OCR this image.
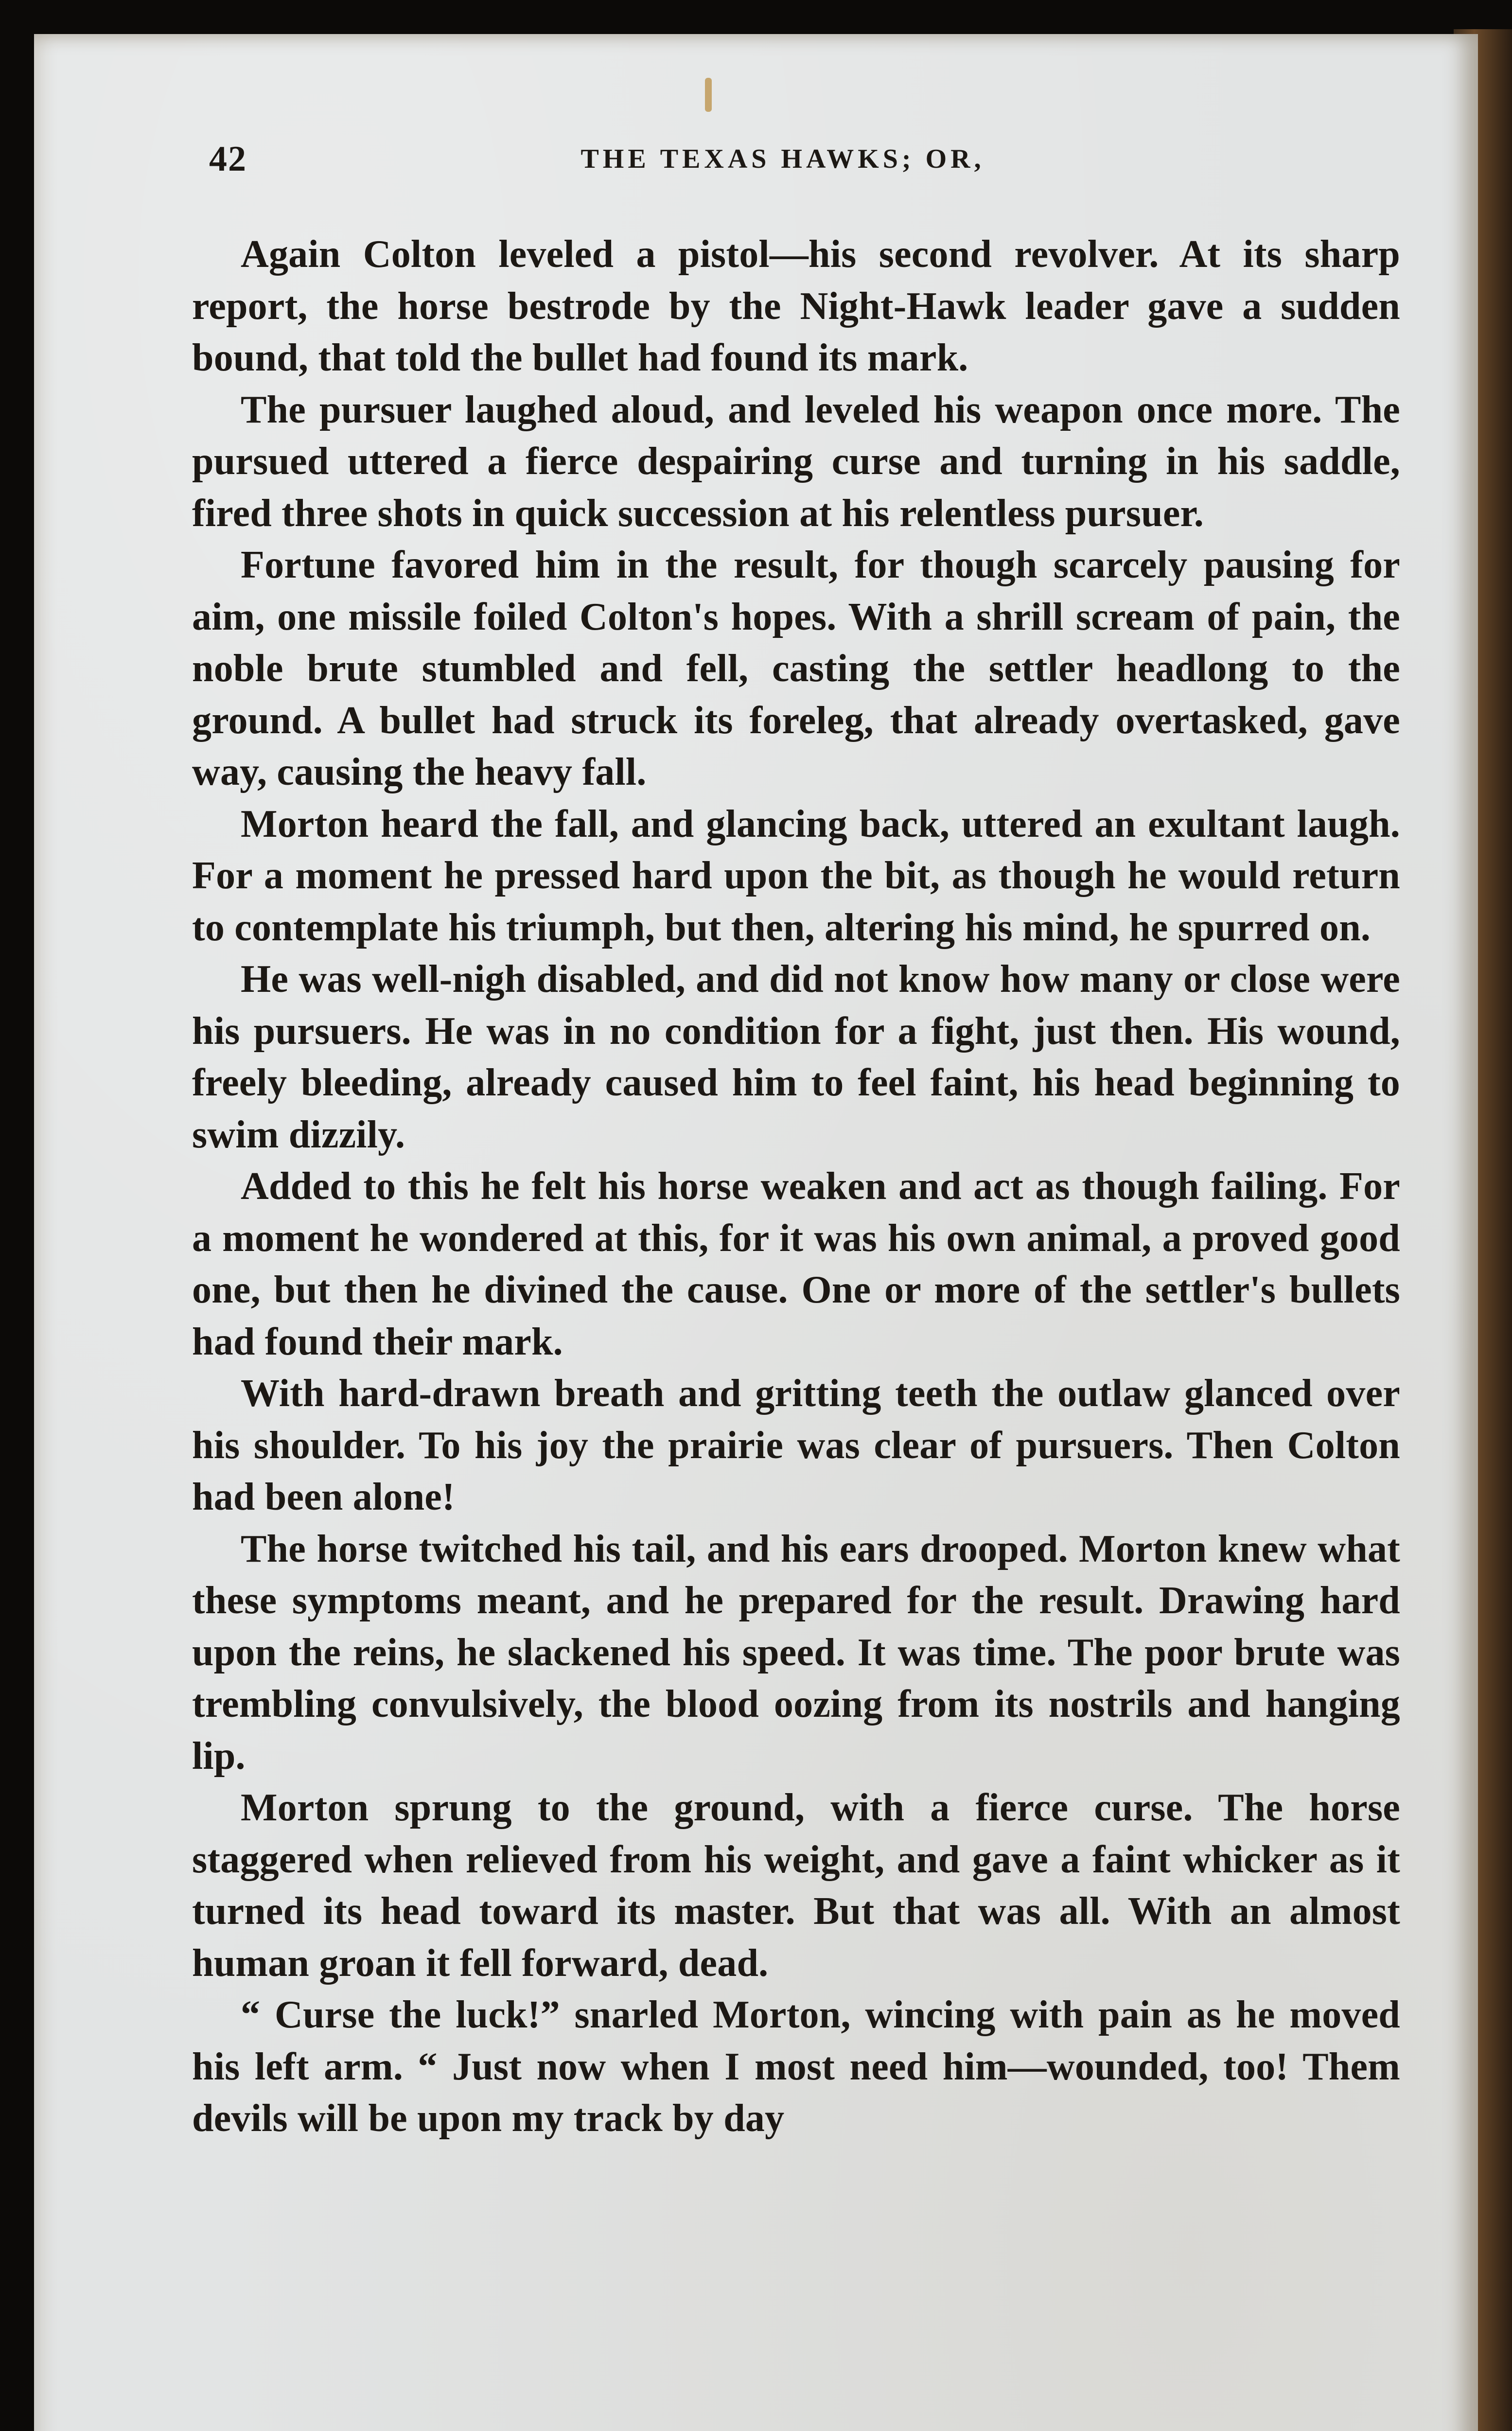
42	THE TEXAS HAWKS; OR,

Again Colton leveled a pistol—his second revolver. At its sharp report, the horse bestrode by the Night-Hawk leader gave a sudden bound, that told the bullet had found its mark.

The pursuer laughed aloud, and leveled his weapon once more. The pursued uttered a fierce despairing curse and turning in his saddle, fired three shots in quick succession at his relentless pursuer.

Fortune favored him in the result, for though scarcely pausing for aim, one missile foiled Colton's hopes. With a shrill scream of pain, the noble brute stumbled and fell, casting the settler headlong to the ground. A bullet had struck its foreleg, that already overtasked, gave way, causing the heavy fall.

Morton heard the fall, and glancing back, uttered an exultant laugh. For a moment he pressed hard upon the bit, as though he would return to contemplate his triumph, but then, altering his mind, he spurred on.

He was well-nigh disabled, and did not know how many or close were his pursuers. He was in no condition for a fight, just then. His wound, freely bleeding, already caused him to feel faint, his head beginning to swim dizzily.

Added to this he felt his horse weaken and act as though failing. For a moment he wondered at this, for it was his own animal, a proved good one, but then he divined the cause. One or more of the settler's bullets had found their mark.

With hard-drawn breath and gritting teeth the outlaw glanced over his shoulder. To his joy the prairie was clear of pursuers. Then Colton had been alone!

The horse twitched his tail, and his ears drooped. Morton knew what these symptoms meant, and he prepared for the result. Drawing hard upon the reins, he slackened his speed. It was time. The poor brute was trembling convulsively, the blood oozing from its nostrils and hanging lip.

Morton sprung to the ground, with a fierce curse. The horse staggered when relieved from his weight, and gave a faint whicker as it turned its head toward its master. But that was all. With an almost human groan it fell forward, dead.

“ Curse the luck!” snarled Morton, wincing with pain as he moved his left arm. “ Just now when I most need him—wounded, too! Them devils will be upon my track by day
